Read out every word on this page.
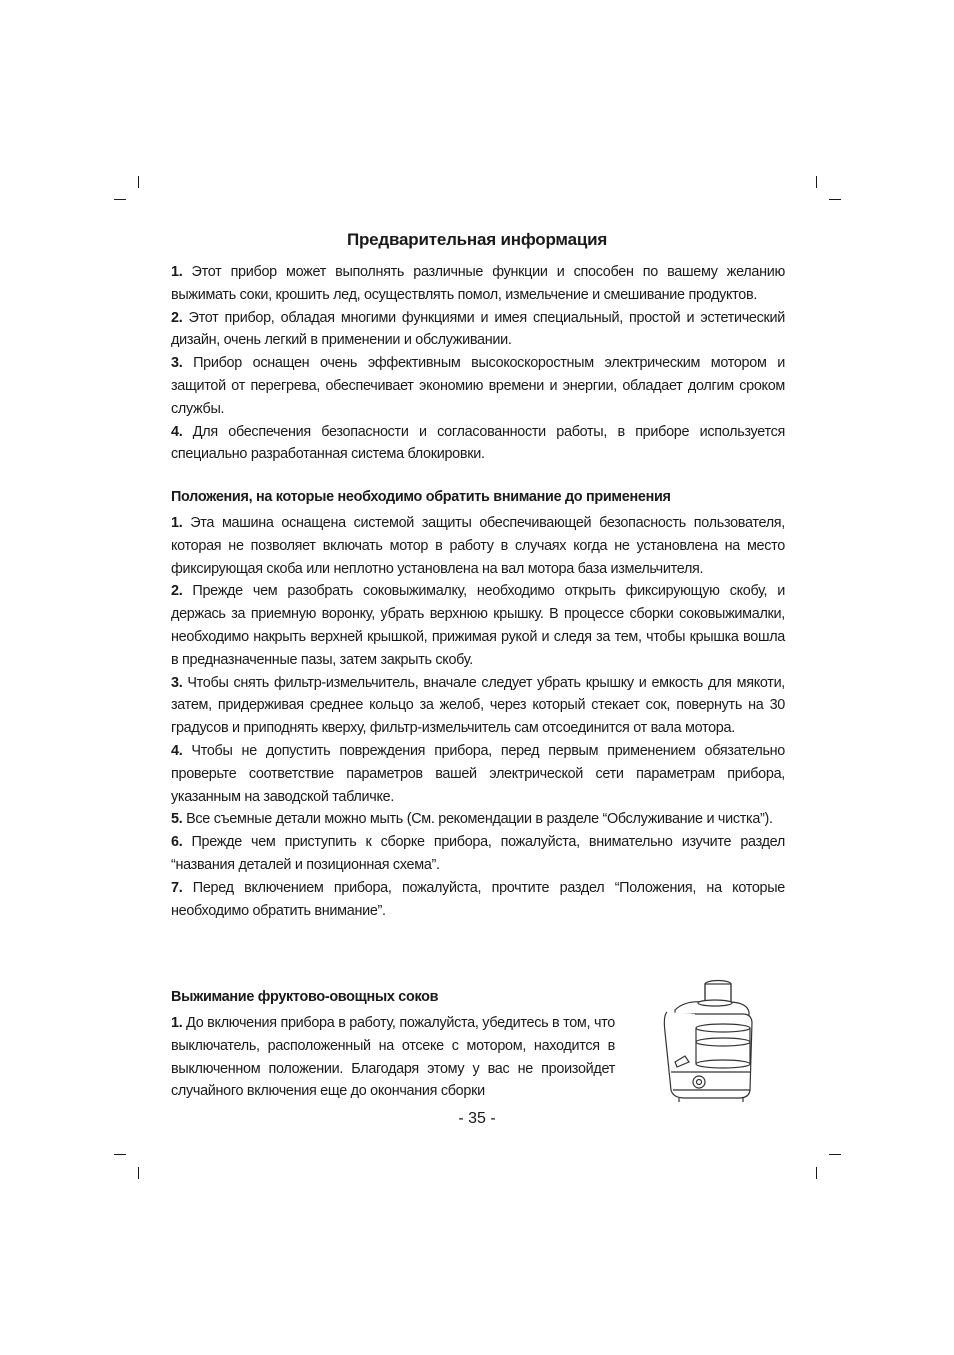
Предварительная информация

1. Этот прибор может выполнять различные функции и способен по вашему желанию выжимать соки, крошить лед, осуществлять помол, измельчение и смешивание продуктов.

2. Этот прибор, обладая многими функциями и имея специальный, простой и эстетический дизайн, очень легкий в применении и обслуживании.

3. Прибор оснащен очень эффективным высокоскоростным электрическим мотором и защитой от перегрева, обеспечивает экономию времени и энергии, обладает долгим сроком службы.

4. Для обеспечения безопасности и согласованности работы, в приборе используется специально разработанная система блокировки.

Положения, на которые необходимо обратить внимание до применения

1. Эта машина оснащена системой защиты обеспечивающей безопасность пользователя, которая не позволяет включать мотор в работу в случаях когда не установлена на место фиксирующая скоба или неплотно установлена на вал мотора база измельчителя.

2. Прежде чем разобрать соковыжималку, необходимо открыть фиксирующую скобу, и держась за приемную воронку, убрать верхнюю крышку. В процессе сборки соковыжималки, необходимо накрыть верхней крышкой, прижимая рукой и следя за тем, чтобы крышка вошла в предназначенные пазы, затем закрыть скобу.

3. Чтобы снять фильтр-измельчитель, вначале следует убрать крышку и емкость для мякоти, затем, придерживая среднее кольцо за желоб, через который стекает сок, повернуть на 30 градусов и приподнять кверху, фильтр-измельчитель сам отсоединится от вала мотора.

4. Чтобы не допустить повреждения прибора, перед первым применением обязательно проверьте соответствие параметров вашей электрической сети параметрам прибора, указанным на заводской табличке.

5. Все съемные детали можно мыть (См. рекомендации в разделе “Обслуживание и чистка”).

6. Прежде чем приступить к сборке прибора, пожалуйста, внимательно изучите раздел “названия деталей и позиционная схема”.

7. Перед включением прибора, пожалуйста, прочтите раздел “Положения, на которые необходимо обратить внимание”.

Выжимание фруктово-овощных соков

1. До включения прибора в работу, пожалуйста, убедитесь в том, что выключатель, расположенный на отсеке с мотором, находится в выключенном положении. Благодаря этому у вас не произойдет случайного включения еще до окончания сборки

- 35 -
